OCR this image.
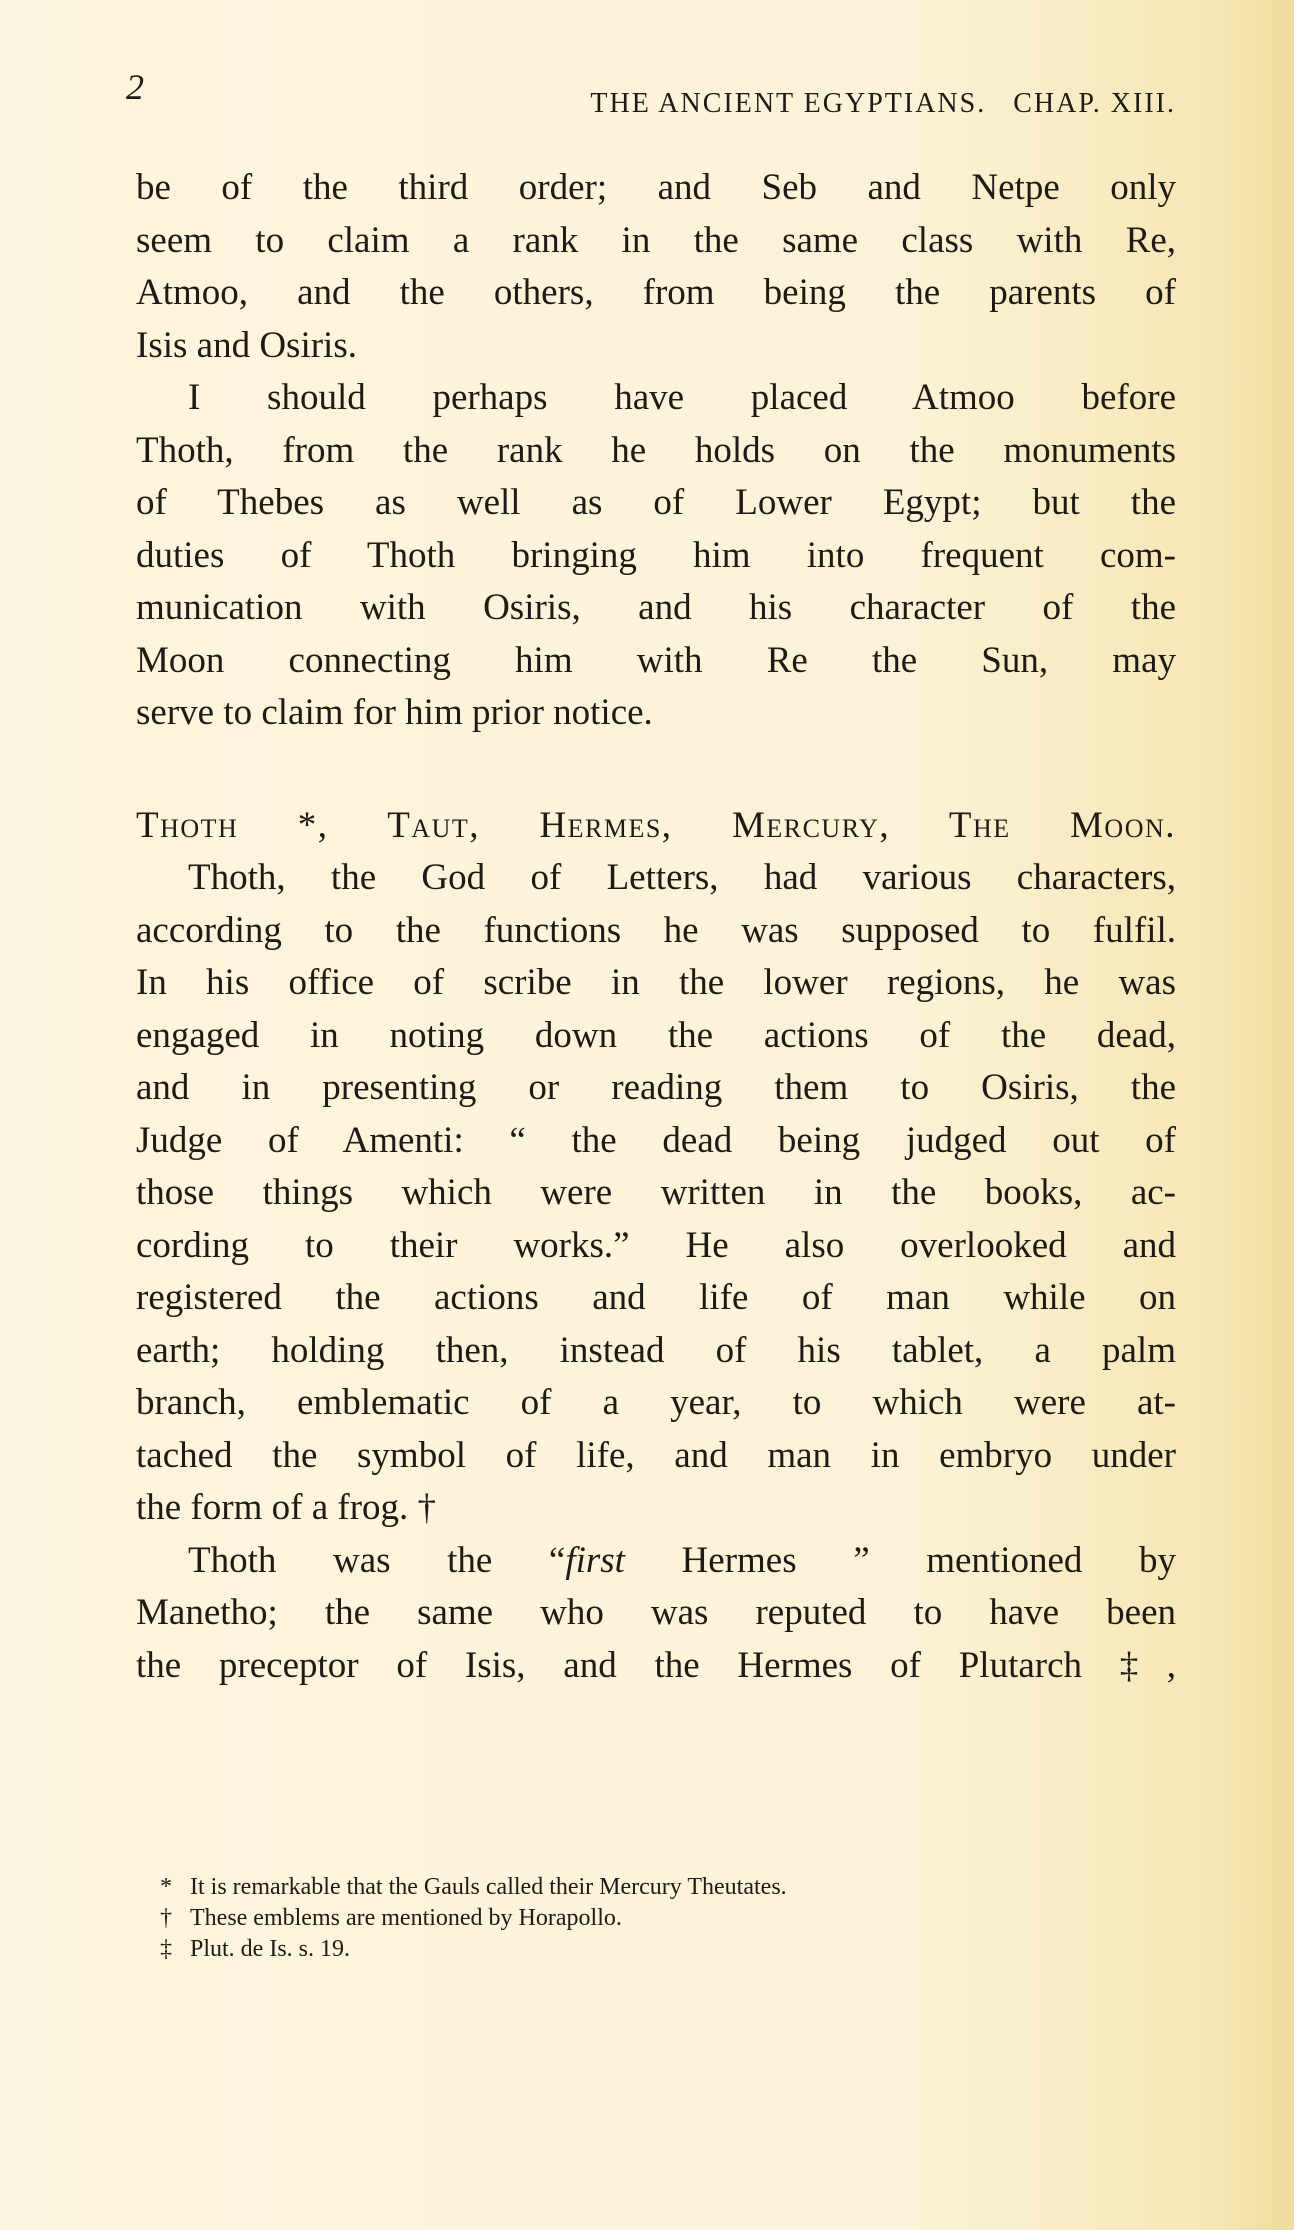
2	THE ANCIENT EGYPTIANS.   CHAP. XIII.
be of the third order; and Seb and Netpe only
seem to claim a rank in the same class with Re,
Atmoo, and the others, from being the parents of
Isis and Osiris.
I should perhaps have placed Atmoo before
Thoth, from the rank he holds on the monuments
of Thebes as well as of Lower Egypt; but the
duties of Thoth bringing him into frequent com-
munication with Osiris, and his character of the
Moon connecting him with Re the Sun, may
serve to claim for him prior notice.
Thoth *, Taut, Hermes, Mercury, The Moon.
Thoth, the God of Letters, had various characters,
according to the functions he was supposed to fulfil.
In his office of scribe in the lower regions, he was
engaged in noting down the actions of the dead,
and in presenting or reading them to Osiris, the
Judge of Amenti: “ the dead being judged out of
those things which were written in the books, ac-
cording to their works.” He also overlooked and
registered the actions and life of man while on
earth; holding then, instead of his tablet, a palm
branch, emblematic of a year, to which were at-
tached the symbol of life, and man in embryo under
the form of a frog. †
Thoth was the “first Hermes ” mentioned by
Manetho; the same who was reputed to have been
the preceptor of Isis, and the Hermes of Plutarch ‡,
* It is remarkable that the Gauls called their Mercury Theutates.
† These emblems are mentioned by Horapollo.
‡ Plut. de Is. s. 19.
